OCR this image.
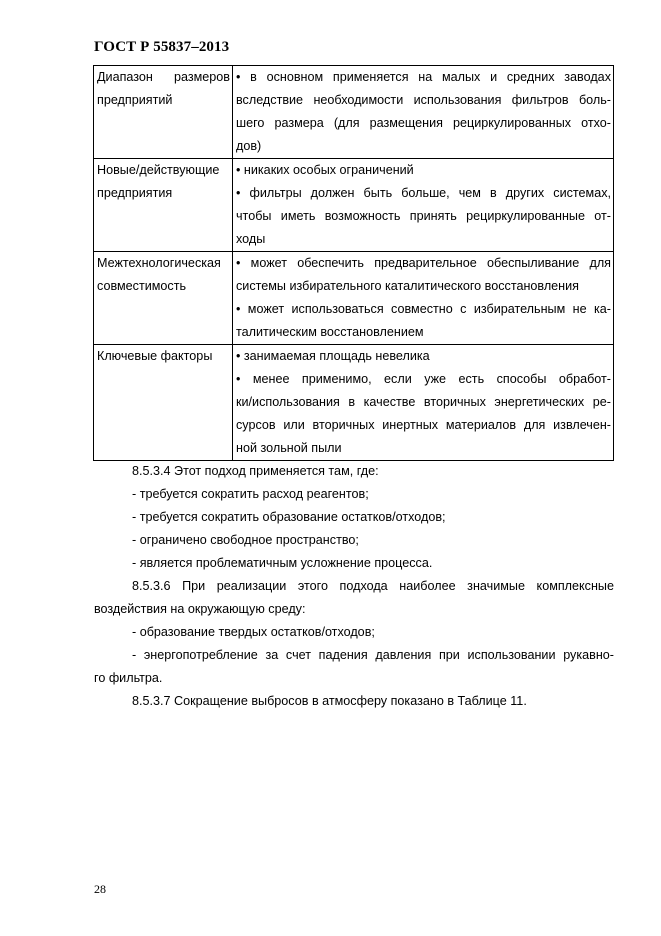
ГОСТ Р 55837–2013
Диапазон размеров
предприятий	• в основном применяется на малых и средних заводах
вследствие необходимости использования фильтров боль-
шего размера (для размещения рециркулированных отхо-
дов)

Новые/действующие
предприятия	• никаких особых ограничений
• фильтры должен быть больше, чем в других системах,
чтобы иметь возможность принять рециркулированные от-
ходы

Межтехнологическая
совместимость	• может обеспечить предварительное обеспыливание для
системы избирательного каталитического восстановления
• может использоваться совместно с избирательным не ка-
талитическим восстановлением

Ключевые факторы	• занимаемая площадь невелика
• менее применимо, если уже есть способы обработ-
ки/использования в качестве вторичных энергетических ре-
сурсов или вторичных инертных материалов для извлечен-
ной зольной пыли
8.5.3.4 Этот подход применяется там, где:
- требуется сократить расход реагентов;
- требуется сократить образование остатков/отходов;
- ограничено свободное пространство;
- является проблематичным усложнение процесса.
8.5.3.6 При реализации этого подхода наиболее значимые комплексные
воздействия на окружающую среду:
- образование твердых остатков/отходов;
- энергопотребление за счет падения давления при использовании рукавно-
го фильтра.
8.5.3.7 Сокращение выбросов в атмосферу показано в Таблице 11.
28
